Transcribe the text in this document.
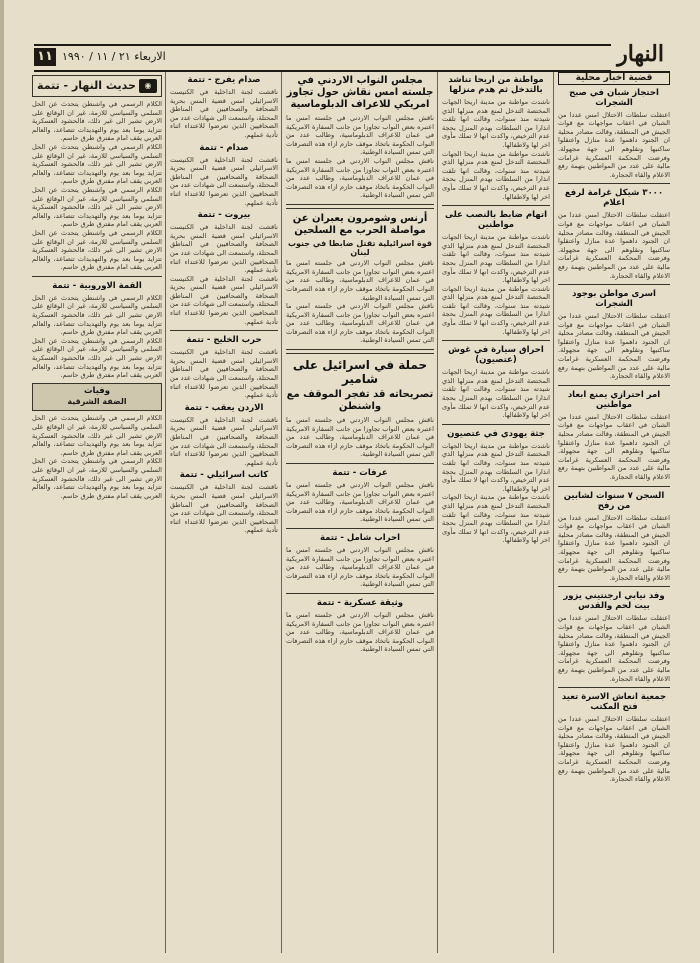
١١ الاربعاء ٢١ / ١١ / ١٩٩٠	النهار
قضية اخبار محلية
احتجاز شبان في صبح الشجرات
اعتقلت سلطات الاحتلال امس عددا من الشبان في اعقاب مواجهات مع قوات الجيش في المنطقة، وقالت مصادر محلية ان الجنود داهموا عدة منازل واعتقلوا ساكنيها ونقلوهم الى جهة مجهولة. وفرضت المحكمة العسكرية غرامات مالية على عدد من المواطنين بتهمة رفع الاعلام والقاء الحجارة.
٣٠٠٠ شيكل غرامة لرفع اعلام
اعتقلت سلطات الاحتلال امس عددا من الشبان في اعقاب مواجهات مع قوات الجيش في المنطقة، وقالت مصادر محلية ان الجنود داهموا عدة منازل واعتقلوا ساكنيها ونقلوهم الى جهة مجهولة. وفرضت المحكمة العسكرية غرامات مالية على عدد من المواطنين بتهمة رفع الاعلام والقاء الحجارة.
اسرى مواطن بوجود الشجرات
اعتقلت سلطات الاحتلال امس عددا من الشبان في اعقاب مواجهات مع قوات الجيش في المنطقة، وقالت مصادر محلية ان الجنود داهموا عدة منازل واعتقلوا ساكنيها ونقلوهم الى جهة مجهولة. وفرضت المحكمة العسكرية غرامات مالية على عدد من المواطنين بتهمة رفع الاعلام والقاء الحجارة.
امر احترازي يمنع ابعاد مواطنين
اعتقلت سلطات الاحتلال امس عددا من الشبان في اعقاب مواجهات مع قوات الجيش في المنطقة، وقالت مصادر محلية ان الجنود داهموا عدة منازل واعتقلوا ساكنيها ونقلوهم الى جهة مجهولة. وفرضت المحكمة العسكرية غرامات مالية على عدد من المواطنين بتهمة رفع الاعلام والقاء الحجارة.
السجن ٧ سنوات لشابين من رفح
اعتقلت سلطات الاحتلال امس عددا من الشبان في اعقاب مواجهات مع قوات الجيش في المنطقة، وقالت مصادر محلية ان الجنود داهموا عدة منازل واعتقلوا ساكنيها ونقلوهم الى جهة مجهولة. وفرضت المحكمة العسكرية غرامات مالية على عدد من المواطنين بتهمة رفع الاعلام والقاء الحجارة.
وفد نيابي ارجنتيني يزور بيت لحم والقدس
اعتقلت سلطات الاحتلال امس عددا من الشبان في اعقاب مواجهات مع قوات الجيش في المنطقة، وقالت مصادر محلية ان الجنود داهموا عدة منازل واعتقلوا ساكنيها ونقلوهم الى جهة مجهولة. وفرضت المحكمة العسكرية غرامات مالية على عدد من المواطنين بتهمة رفع الاعلام والقاء الحجارة.
جمعية انعاش الاسرة تعيد فتح المكتب
اعتقلت سلطات الاحتلال امس عددا من الشبان في اعقاب مواجهات مع قوات الجيش في المنطقة، وقالت مصادر محلية ان الجنود داهموا عدة منازل واعتقلوا ساكنيها ونقلوهم الى جهة مجهولة. وفرضت المحكمة العسكرية غرامات مالية على عدد من المواطنين بتهمة رفع الاعلام والقاء الحجارة.
مواطنة من اريحا تناشد بالتدخل ثم هدم منزلها
ناشدت مواطنة من مدينة اريحا الجهات المختصة التدخل لمنع هدم منزلها الذي شيدته منذ سنوات، وقالت انها تلقت انذارا من السلطات بهدم المنزل بحجة عدم الترخيص، واكدت انها لا تملك مأوى اخر لها ولاطفالها.
ناشدت مواطنة من مدينة اريحا الجهات المختصة التدخل لمنع هدم منزلها الذي شيدته منذ سنوات، وقالت انها تلقت انذارا من السلطات بهدم المنزل بحجة عدم الترخيص، واكدت انها لا تملك مأوى اخر لها ولاطفالها.
اتهام ضابط بالنصب على مواطنين
ناشدت مواطنة من مدينة اريحا الجهات المختصة التدخل لمنع هدم منزلها الذي شيدته منذ سنوات، وقالت انها تلقت انذارا من السلطات بهدم المنزل بحجة عدم الترخيص، واكدت انها لا تملك مأوى اخر لها ولاطفالها.
ناشدت مواطنة من مدينة اريحا الجهات المختصة التدخل لمنع هدم منزلها الذي شيدته منذ سنوات، وقالت انها تلقت انذارا من السلطات بهدم المنزل بحجة عدم الترخيص، واكدت انها لا تملك مأوى اخر لها ولاطفالها.
احراق سيارة في غوش (عتصيون)
ناشدت مواطنة من مدينة اريحا الجهات المختصة التدخل لمنع هدم منزلها الذي شيدته منذ سنوات، وقالت انها تلقت انذارا من السلطات بهدم المنزل بحجة عدم الترخيص، واكدت انها لا تملك مأوى اخر لها ولاطفالها.
جثة يهودي في عتصيون
ناشدت مواطنة من مدينة اريحا الجهات المختصة التدخل لمنع هدم منزلها الذي شيدته منذ سنوات، وقالت انها تلقت انذارا من السلطات بهدم المنزل بحجة عدم الترخيص، واكدت انها لا تملك مأوى اخر لها ولاطفالها.
ناشدت مواطنة من مدينة اريحا الجهات المختصة التدخل لمنع هدم منزلها الذي شيدته منذ سنوات، وقالت انها تلقت انذارا من السلطات بهدم المنزل بحجة عدم الترخيص، واكدت انها لا تملك مأوى اخر لها ولاطفالها.
مجلس النواب الاردني في جلسته امس نقاش حول تجاوز امريكي للاعراف الدبلوماسية
ناقش مجلس النواب الاردني في جلسته امس ما اعتبره بعض النواب تجاوزا من جانب السفارة الامريكية في عمان للاعراف الدبلوماسية، وطالب عدد من النواب الحكومة باتخاذ موقف حازم ازاء هذه التصرفات التي تمس السيادة الوطنية.
ناقش مجلس النواب الاردني في جلسته امس ما اعتبره بعض النواب تجاوزا من جانب السفارة الامريكية في عمان للاعراف الدبلوماسية، وطالب عدد من النواب الحكومة باتخاذ موقف حازم ازاء هذه التصرفات التي تمس السيادة الوطنية.
أرنس وشومرون يعبران عن مواصلة الحرب مع السلحين
قوة اسرائيلية تقتل ضابطا في جنوب لبنان
ناقش مجلس النواب الاردني في جلسته امس ما اعتبره بعض النواب تجاوزا من جانب السفارة الامريكية في عمان للاعراف الدبلوماسية، وطالب عدد من النواب الحكومة باتخاذ موقف حازم ازاء هذه التصرفات التي تمس السيادة الوطنية.
ناقش مجلس النواب الاردني في جلسته امس ما اعتبره بعض النواب تجاوزا من جانب السفارة الامريكية في عمان للاعراف الدبلوماسية، وطالب عدد من النواب الحكومة باتخاذ موقف حازم ازاء هذه التصرفات التي تمس السيادة الوطنية.
حملة في اسرائيل على شامير
تصريحاته قد تفجر الموقف مع واشنطن
ناقش مجلس النواب الاردني في جلسته امس ما اعتبره بعض النواب تجاوزا من جانب السفارة الامريكية في عمان للاعراف الدبلوماسية، وطالب عدد من النواب الحكومة باتخاذ موقف حازم ازاء هذه التصرفات التي تمس السيادة الوطنية.
عرفات - تتمة
ناقش مجلس النواب الاردني في جلسته امس ما اعتبره بعض النواب تجاوزا من جانب السفارة الامريكية في عمان للاعراف الدبلوماسية، وطالب عدد من النواب الحكومة باتخاذ موقف حازم ازاء هذه التصرفات التي تمس السيادة الوطنية.
احراب شامل - تتمة
ناقش مجلس النواب الاردني في جلسته امس ما اعتبره بعض النواب تجاوزا من جانب السفارة الامريكية في عمان للاعراف الدبلوماسية، وطالب عدد من النواب الحكومة باتخاذ موقف حازم ازاء هذه التصرفات التي تمس السيادة الوطنية.
وثيقة عسكرية - تتمة
ناقش مجلس النواب الاردني في جلسته امس ما اعتبره بعض النواب تجاوزا من جانب السفارة الامريكية في عمان للاعراف الدبلوماسية، وطالب عدد من النواب الحكومة باتخاذ موقف حازم ازاء هذه التصرفات التي تمس السيادة الوطنية.
صدام يفرج - تتمة
ناقشت لجنة الداخلية في الكنيست الاسرائيلي امس قضية المس بحرية الصحافة والصحافيين في المناطق المحتلة، واستمعت الى شهادات عدد من الصحافيين الذين تعرضوا للاعتداء اثناء تأدية عملهم.
صدام - تتمة
ناقشت لجنة الداخلية في الكنيست الاسرائيلي امس قضية المس بحرية الصحافة والصحافيين في المناطق المحتلة، واستمعت الى شهادات عدد من الصحافيين الذين تعرضوا للاعتداء اثناء تأدية عملهم.
بيروت - تتمة
ناقشت لجنة الداخلية في الكنيست الاسرائيلي امس قضية المس بحرية الصحافة والصحافيين في المناطق المحتلة، واستمعت الى شهادات عدد من الصحافيين الذين تعرضوا للاعتداء اثناء تأدية عملهم.
ناقشت لجنة الداخلية في الكنيست الاسرائيلي امس قضية المس بحرية الصحافة والصحافيين في المناطق المحتلة، واستمعت الى شهادات عدد من الصحافيين الذين تعرضوا للاعتداء اثناء تأدية عملهم.
حرب الخليج - تتمة
ناقشت لجنة الداخلية في الكنيست الاسرائيلي امس قضية المس بحرية الصحافة والصحافيين في المناطق المحتلة، واستمعت الى شهادات عدد من الصحافيين الذين تعرضوا للاعتداء اثناء تأدية عملهم.
الاردن يعقب - تتمة
ناقشت لجنة الداخلية في الكنيست الاسرائيلي امس قضية المس بحرية الصحافة والصحافيين في المناطق المحتلة، واستمعت الى شهادات عدد من الصحافيين الذين تعرضوا للاعتداء اثناء تأدية عملهم.
كاتب اسرائيلي - تتمة
ناقشت لجنة الداخلية في الكنيست الاسرائيلي امس قضية المس بحرية الصحافة والصحافيين في المناطق المحتلة، واستمعت الى شهادات عدد من الصحافيين الذين تعرضوا للاعتداء اثناء تأدية عملهم.
◉
حديث النهار - تتمة
الكلام الرسمي في واشنطن يتحدث عن الحل السلمي والسياسي للازمة، غير ان الوقائع على الارض تشير الى غير ذلك، فالحشود العسكرية تتزايد يوما بعد يوم والتهديدات تتصاعد، والعالم العربي يقف امام مفترق طرق حاسم.
الكلام الرسمي في واشنطن يتحدث عن الحل السلمي والسياسي للازمة، غير ان الوقائع على الارض تشير الى غير ذلك، فالحشود العسكرية تتزايد يوما بعد يوم والتهديدات تتصاعد، والعالم العربي يقف امام مفترق طرق حاسم.
الكلام الرسمي في واشنطن يتحدث عن الحل السلمي والسياسي للازمة، غير ان الوقائع على الارض تشير الى غير ذلك، فالحشود العسكرية تتزايد يوما بعد يوم والتهديدات تتصاعد، والعالم العربي يقف امام مفترق طرق حاسم.
الكلام الرسمي في واشنطن يتحدث عن الحل السلمي والسياسي للازمة، غير ان الوقائع على الارض تشير الى غير ذلك، فالحشود العسكرية تتزايد يوما بعد يوم والتهديدات تتصاعد، والعالم العربي يقف امام مفترق طرق حاسم.
القمة الاوروبية - تتمة
الكلام الرسمي في واشنطن يتحدث عن الحل السلمي والسياسي للازمة، غير ان الوقائع على الارض تشير الى غير ذلك، فالحشود العسكرية تتزايد يوما بعد يوم والتهديدات تتصاعد، والعالم العربي يقف امام مفترق طرق حاسم.
الكلام الرسمي في واشنطن يتحدث عن الحل السلمي والسياسي للازمة، غير ان الوقائع على الارض تشير الى غير ذلك، فالحشود العسكرية تتزايد يوما بعد يوم والتهديدات تتصاعد، والعالم العربي يقف امام مفترق طرق حاسم.
وفيات
الضفة الشرقية
الكلام الرسمي في واشنطن يتحدث عن الحل السلمي والسياسي للازمة، غير ان الوقائع على الارض تشير الى غير ذلك، فالحشود العسكرية تتزايد يوما بعد يوم والتهديدات تتصاعد، والعالم العربي يقف امام مفترق طرق حاسم.
الكلام الرسمي في واشنطن يتحدث عن الحل السلمي والسياسي للازمة، غير ان الوقائع على الارض تشير الى غير ذلك، فالحشود العسكرية تتزايد يوما بعد يوم والتهديدات تتصاعد، والعالم العربي يقف امام مفترق طرق حاسم.
